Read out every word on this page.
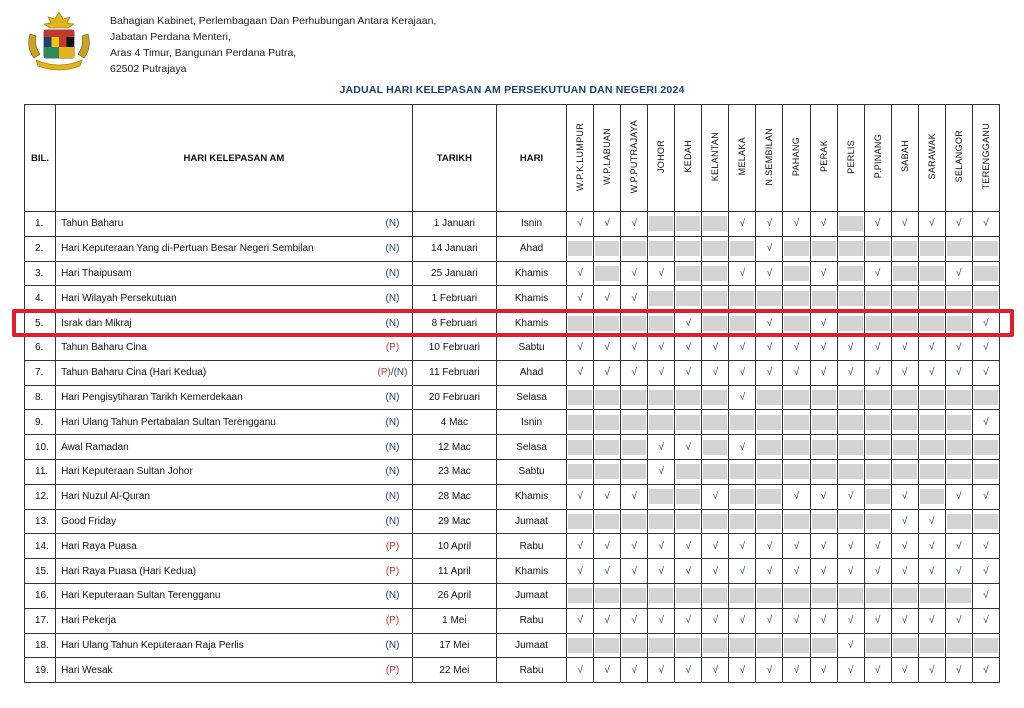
Bahagian Kabinet, Perlembagaan Dan Perhubungan Antara Kerajaan,
Jabatan Perdana Menteri,
Aras 4 Timur, Bangunan Perdana Putra,
62502 Putrajaya
JADUAL HARI KELEPASAN AM PERSEKUTUAN DAN NEGERI 2024
BIL.	HARI KELEPASAN AM		TARIKH	HARI	W.P.K.LUMPUR	W.P.LABUAN	W.P.PUTRAJAYA	JOHOR	KEDAH	KELANTAN	MELAKA	N.SEMBILAN	PAHANG	PERAK	PERLIS	P.PINANG	SABAH	SARAWAK	SELANGOR	TERENGGANU
1.	Tahun Baharu	(N)	1 Januari	Isnin	√	√	√				√	√	√	√		√	√	√	√	√
2.	Hari Keputeraan Yang di-Pertuan Besar Negeri Sembilan	(N)	14 Januari	Ahad								√	

3.	Hari Thaipusam	(N)	25 Januari	Khamis	√		√	√			√	√		√		√			√	

4.	Hari Wilayah Persekutuan	(N)	1 Februari	Khamis	√	√	√	

5.	Israk dan Mikraj	(N)	8 Februari	Khamis					√			√		√						√
6.	Tahun Baharu Cina	(P)	10 Februari	Sabtu	√	√	√	√	√	√	√	√	√	√	√	√	√	√	√	√
7.	Tahun Baharu Cina (Hari Kedua)	(P)/(N)	11 Februari	Ahad	√	√	√	√	√	√	√	√	√	√	√	√	√	√	√	√
8.	Hari Pengisytiharan Tarikh Kemerdekaan	(N)	20 Februari	Selasa							√	

9.	Hari Ulang Tahun Pertabalan Sultan Terengganu	(N)	4 Mac	Isnin																√
10.	Awal Ramadan	(N)	12 Mac	Selasa				√	√		√	

11.	Hari Keputeraan Sultan Johor	(N)	23 Mac	Sabtu				√	

12.	Hari Nuzul Al-Quran	(N)	28 Mac	Khamis	√	√	√			√			√	√	√		√		√	√
13.	Good Friday	(N)	29 Mac	Jumaat													√	√	

14.	Hari Raya Puasa	(P)	10 April	Rabu	√	√	√	√	√	√	√	√	√	√	√	√	√	√	√	√
15.	Hari Raya Puasa (Hari Kedua)	(P)	11 April	Khamis	√	√	√	√	√	√	√	√	√	√	√	√	√	√	√	√
16.	Hari Keputeraan Sultan Terengganu	(N)	26 April	Jumaat																√
17.	Hari Pekerja	(P)	1 Mei	Rabu	√	√	√	√	√	√	√	√	√	√	√	√	√	√	√	√
18.	Hari Ulang Tahun Keputeraan Raja Perlis	(N)	17 Mei	Jumaat											√	

19.	Hari Wesak	(P)	22 Mei	Rabu	√	√	√	√	√	√	√	√	√	√	√	√	√	√	√	√
